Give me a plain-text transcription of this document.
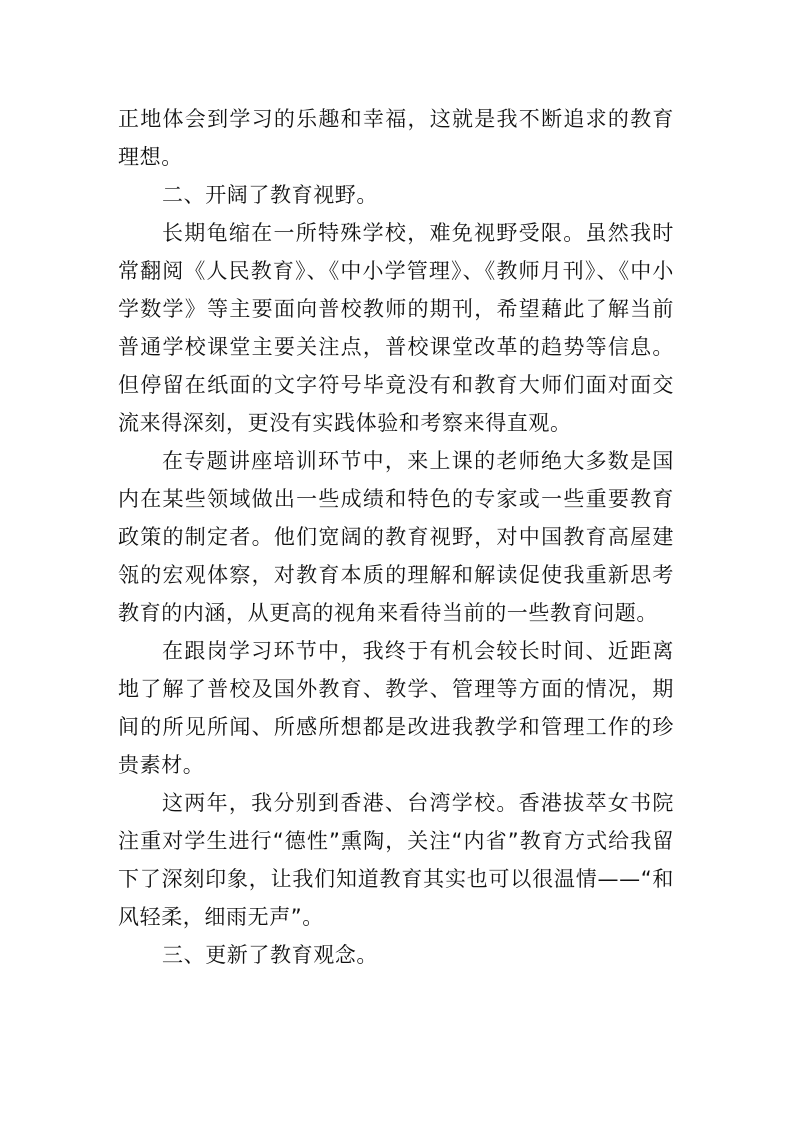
正地体会到学习的乐趣和幸福，这就是我不断追求的教育理想。

二、开阔了教育视野。

长期龟缩在一所特殊学校，难免视野受限。虽然我时常翻阅《人民教育》、《中小学管理》、《教师月刊》、《中小学数学》等主要面向普校教师的期刊，希望藉此了解当前普通学校课堂主要关注点，普校课堂改革的趋势等信息。但停留在纸面的文字符号毕竟没有和教育大师们面对面交流来得深刻，更没有实践体验和考察来得直观。

在专题讲座培训环节中，来上课的老师绝大多数是国内在某些领域做出一些成绩和特色的专家或一些重要教育政策的制定者。他们宽阔的教育视野，对中国教育高屋建瓴的宏观体察，对教育本质的理解和解读促使我重新思考教育的内涵，从更高的视角来看待当前的一些教育问题。

在跟岗学习环节中，我终于有机会较长时间、近距离地了解了普校及国外教育、教学、管理等方面的情况，期间的所见所闻、所感所想都是改进我教学和管理工作的珍贵素材。

这两年，我分别到香港、台湾学校。香港拔萃女书院注重对学生进行“德性”熏陶，关注“内省”教育方式给我留下了深刻印象，让我们知道教育其实也可以很温情——“和风轻柔，细雨无声”。

三、更新了教育观念。
